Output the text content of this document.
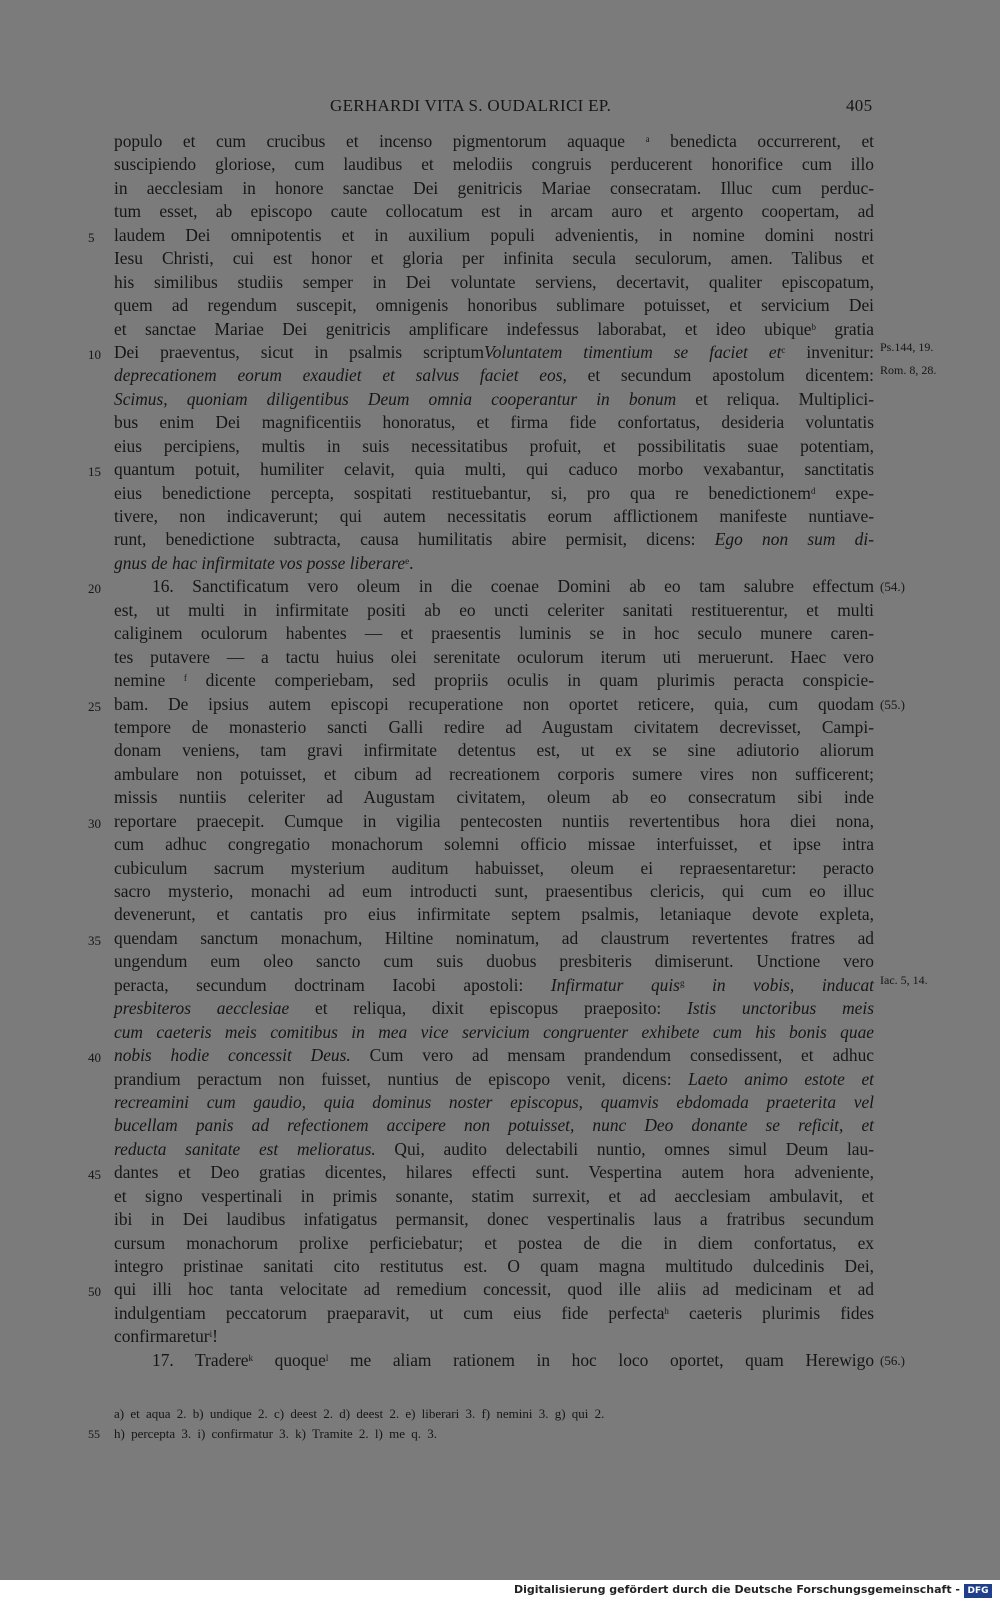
GERHARDI VITA S. OUDALRICI EP.	405
populo et cum crucibus et incenso pigmentorum aquaque $^a$ benedicta occurrerent, et
suscipiendo gloriose, cum laudibus et melodiis congruis perducerent honorifice cum illo
in aecclesiam in honore sanctae Dei genitricis Mariae consecratam. Illuc cum perduc-
tum esset, ab episcopo caute collocatum est in arcam auro et argento coopertam, ad
5 laudem Dei omnipotentis et in auxilium populi advenientis, in nomine domini nostri
Iesu Christi, cui est honor et gloria per infinita secula seculorum, amen. Talibus et
his similibus studiis semper in Dei voluntate serviens, decertavit, qualiter episcopatum,
quem ad regendum suscepit, omnigenis honoribus sublimare potuisset, et servicium Dei
et sanctae Mariae Dei genitricis amplificare indefessus laborabat, et ideo ubique$^b$ gratia
10 Dei praeventus, sicut in psalmis scriptumVoluntatem timentium se faciet $et^c$ invenitur: Ps.144, 19.
deprecationem eorum exaudiet et salvus faciet eos, et secundum apostolum dicentem: Rom. 8, 28.
Scimus, quoniam diligentibus Deum omnia cooperantur in bonum et reliqua. Multiplici-
bus enim Dei magnificentiis honoratus, et firma fide confortatus, desideria voluntatis
eius percipiens, multis in suis necessitatibus profuit, et possibilitatis suae potentiam,
15 quantum potuit, humiliter celavit, quia multi, qui caduco morbo vexabantur, sanctitatis
eius benedictione percepta, sospitati restituebantur, si, pro qua re benedictionem$^d$ expe-
tivere, non indicaverunt; qui autem necessitatis eorum afflictionem manifeste nuntiave-
runt, benedictione subtracta, causa humilitatis abire permisit, dicens: Ego non sum di-
gnus de hac infirmitate vos posse liberare$^e$.
20	16. Sanctificatum vero oleum in die coenae Domini ab eo tam salubre effectum (54.)
est, ut multi in infirmitate positi ab eo uncti celeriter sanitati restituerentur, et multi
caliginem oculorum habentes — et praesentis luminis se in hoc seculo munere caren-
tes putavere — a tactu huius olei serenitate oculorum iterum uti meruerunt. Haec vero
nemine $^f$ dicente comperiebam, sed propriis oculis in quam plurimis peracta conspicie-
25 bam. De ipsius autem episcopi recuperatione non oportet reticere, quia, cum quodam (55.)
tempore de monasterio sancti Galli redire ad Augustam civitatem decrevisset, Campi-
donam veniens, tam gravi infirmitate detentus est, ut ex se sine adiutorio aliorum
ambulare non potuisset, et cibum ad recreationem corporis sumere vires non sufficerent;
missis nuntiis celeriter ad Augustam civitatem, oleum ab eo consecratum sibi inde
30 reportare praecepit. Cumque in vigilia pentecosten nuntiis revertentibus hora diei nona,
cum adhuc congregatio monachorum solemni officio missae interfuisset, et ipse intra
cubiculum sacrum mysterium auditum habuisset, oleum ei repraesentaretur: peracto
sacro mysterio, monachi ad eum introducti sunt, praesentibus clericis, qui cum eo illuc
devenerunt, et cantatis pro eius infirmitate septem psalmis, letaniaque devote expleta,
35 quendam sanctum monachum, Hiltine nominatum, ad claustrum revertentes fratres ad
ungendum eum oleo sancto cum suis duobus presbiteris dimiserunt. Unctione vero
peracta, secundum doctrinam Iacobi apostoli: Infirmatur quis$^g$ in vobis, inducat Iac. 5, 14.
presbiteros aecclesiae et reliqua, dixit episcopus praeposito: Istis unctoribus meis
cum caeteris meis comitibus in mea vice servicium congruenter exhibete cum his bonis quae
40 nobis hodie concessit Deus. Cum vero ad mensam prandendum consedissent, et adhuc
prandium peractum non fuisset, nuntius de episcopo venit, dicens: Laeto animo estote et
recreamini cum gaudio, quia dominus noster episcopus, quamvis ebdomada praeterita vel
bucellam panis ad refectionem accipere non potuisset, nunc Deo donante se reficit, et
reducta sanitate est melioratus. Qui, audito delectabili nuntio, omnes simul Deum lau-
45 dantes et Deo gratias dicentes, hilares effecti sunt. Vespertina autem hora adveniente,
et signo vespertinali in primis sonante, statim surrexit, et ad aecclesiam ambulavit, et
ibi in Dei laudibus infatigatus permansit, donec vespertinalis laus a fratribus secundum
cursum monachorum prolixe perficiebatur; et postea de die in diem confortatus, ex
integro pristinae sanitati cito restitutus est. O quam magna multitudo dulcedinis Dei,
50 qui illi hoc tanta velocitate ad remedium concessit, quod ille aliis ad medicinam et ad
indulgentiam peccatorum praeparavit, ut cum eius fide perfecta$^h$ caeteris plurimis fides
confirmaretur$^i$!
17. Tradere$^k$ quoque$^l$ me aliam rationem in hoc loco oportet, quam Herewigo (56.)
a) et aqua 2. b) undique 2. c) deest 2. d) deest 2. e) liberari 3. f) nemini 3. g) qui 2.
55 h) percepta 3. i) confirmatur 3. k) Tramite 2. l) me q. 3.
Digitalisierung gefördert durch die Deutsche Forschungsgemeinschaft - DFG
